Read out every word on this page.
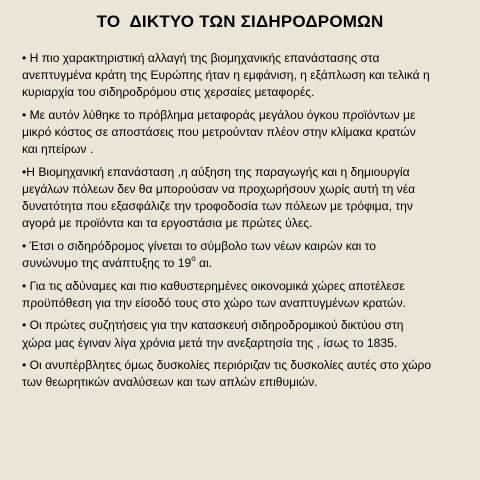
ΤΟ  ΔΙΚΤΥΟ ΤΩΝ ΣΙΔΗΡΟΔΡΟΜΩΝ
• Η πιο χαρακτηριστική αλλαγή της βιομηχανικής επανάστασης στα
ανεπτυγμένα κράτη της Ευρώπης ήταν η εμφάνιση, η εξάπλωση και τελικά η
κυριαρχία του σιδηροδρόμου στις χερσαίες μεταφορές.
• Με αυτόν λύθηκε το πρόβλημα μεταφοράς μεγάλου όγκου προϊόντων με
μικρό κόστος σε αποστάσεις που μετρούνταν πλέον στην κλίμακα κρατών
και ηπείρων .
•Η Βιομηχανική επανάσταση ,η αύξηση της παραγωγής και η δημιουργία
μεγάλων πόλεων δεν θα μπορούσαν να προχωρήσουν χωρίς αυτή τη νέα
δυνατότητα που εξασφάλιζε την τροφοδοσία των πόλεων με τρόφιμα, την
αγορά με προϊόντα και τα εργοστάσια με πρώτες ύλες.
• Έτσι ο σιδηρόδρομος γίνεται το σύμβολο των νέων καιρών και το
συνώνυμο της ανάπτυξης το $19^o$ αι.
• Για τις αδύναμες και πιο καθυστερημένες οικονομικά χώρες αποτέλεσε
προϋπόθεση για την είσοδό τους στο χώρο των αναπτυγμένων κρατών.
• Οι πρώτες συζητήσεις για την κατασκευή σιδηροδρομικού δικτύου στη
χώρα μας έγιναν λίγα χρόνια μετά την ανεξαρτησία της , ίσως το 1835.
• Οι ανυπέρβλητες όμως δυσκολίες περιόριζαν τις δυσκολίες αυτές στο χώρο
των θεωρητικών αναλύσεων και των απλών επιθυμιών.
